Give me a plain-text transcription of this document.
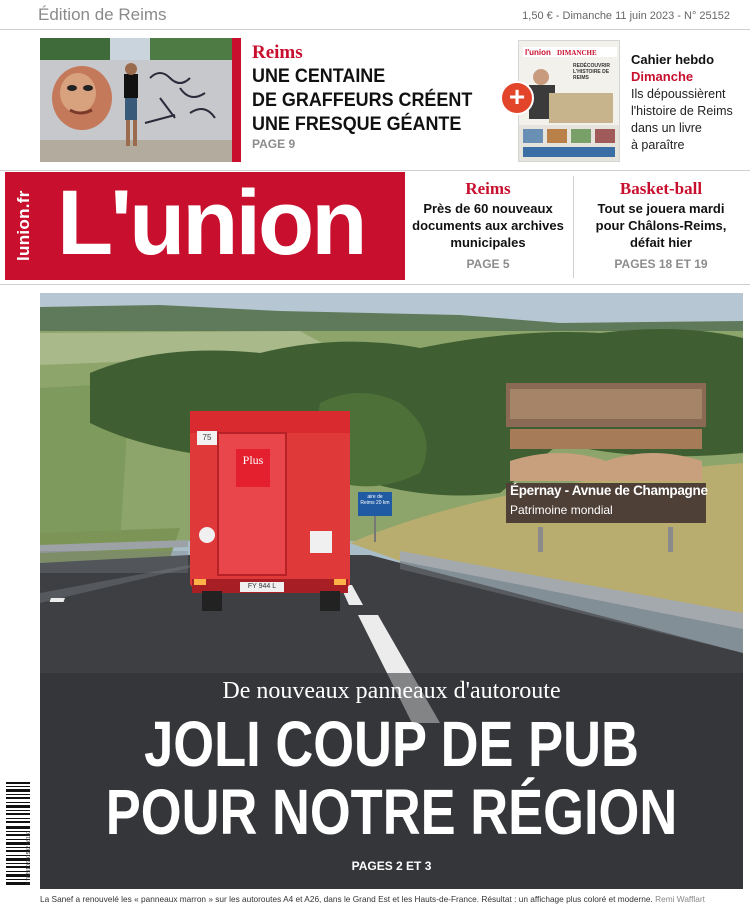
Édition de Reims	1,50 € - Dimanche 11 juin 2023 - N° 25152
Reims
UNE CENTAINE
DE GRAFFEURS CRÉENT
UNE FRESQUE GÉANTE
PAGE 9
l'union DIMANCHE
REDÉCOUVRIR
L'HISTOIRE DE
REIMS
+
Cahier hebdo
Dimanche
Ils dépoussièrent
l'histoire de Reims
dans un livre
à paraître
lunion.fr L'union	Reims
Près de 60 nouveaux
documents aux archives
municipales
PAGE 5
Basket-ball
Tout se jouera mardi
pour Châlons-Reims,
défait hier
PAGES 18 ET 19
75
Plus
FY 944 L
aire de Reims 20 km
Épernay - Avnue de Champagne
Patrimoine mondial
De nouveaux panneaux d'autoroute
JOLI COUP DE PUB
POUR NOTRE RÉGION
PAGES 2 ET 3
3 782910 901502 06110
La Sanef a renouvelé les « panneaux marron » sur les autoroutes A4 et A26, dans le Grand Est et les Hauts-de-France. Résultat : un affichage plus coloré et moderne. Remi Wafflart
